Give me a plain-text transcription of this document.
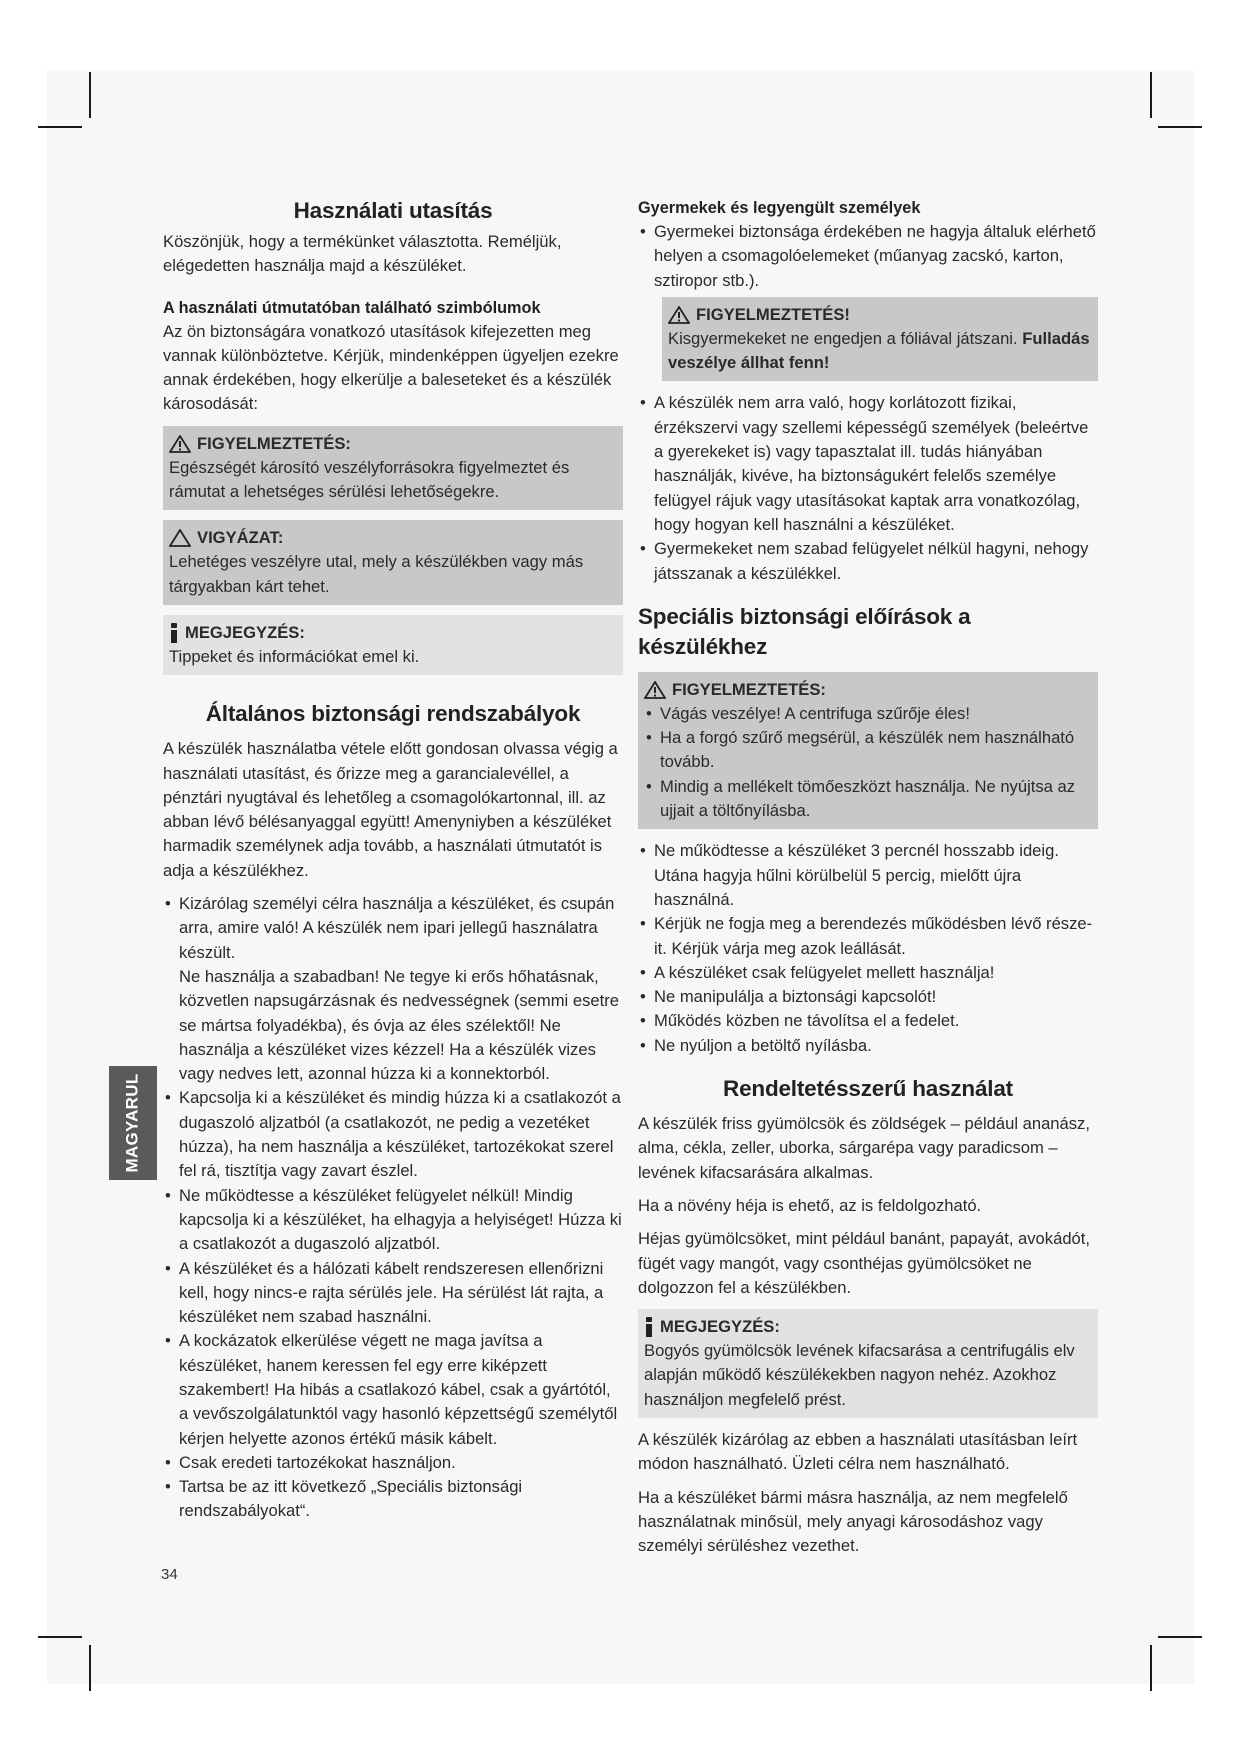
MAGYARUL
Használati utasítás

Köszönjük, hogy a termékünket választotta. Reméljük, elégedetten használja majd a készüléket.

A használati útmutatóban található szimbólumok

Az ön biztonságára vonatkozó utasítások kifejezetten meg vannak különböztetve. Kérjük, mindenképpen ügyeljen ezekre annak érdekében, hogy elkerülje a baleseteket és a készülék károsodását:

FIGYELMEZTETÉS:
Egészségét károsító veszélyforrásokra figyelmeztet és rámutat a lehetséges sérülési lehetőségekre.
VIGYÁZAT:
Lehetéges veszélyre utal, mely a készülékben vagy más tárgyakban kárt tehet.
MEGJEGYZÉS:
Tippeket és információkat emel ki.
Általános biztonsági rendszabályok

A készülék használatba vétele előtt gondosan olvassa végig a használati utasítást, és őrizze meg a garancialevéllel, a pénztári nyugtával és lehetőleg a csomagolókartonnal, ill. az abban lévő bélésanyaggal együtt! Amenyniyben a készüléket harmadik személynek adja tovább, a használati útmutatót is adja a készülékhez.

• Kizárólag személyi célra használja a készüléket, és csupán arra, amire való! A készülék nem ipari jellegű használatra készült.
Ne használja a szabadban! Ne tegye ki erős hőhatásnak, közvetlen napsugárzásnak és nedvességnek (semmi esetre se mártsa folyadékba), és óvja az éles szélektől! Ne használja a készüléket vizes kézzel! Ha a készülék vizes vagy nedves lett, azonnal húzza ki a konnektorból.
• Kapcsolja ki a készüléket és mindig húzza ki a csatlakozót a dugaszoló aljzatból (a csatlakozót, ne pedig a vezetéket húzza), ha nem használja a készüléket, tartozékokat szerel fel rá, tisztítja vagy zavart észlel.
• Ne működtesse a készüléket felügyelet nélkül! Mindig kapcsolja ki a készüléket, ha elhagyja a helyiséget! Húzza ki a csatlakozót a dugaszoló aljzatból.
• A készüléket és a hálózati kábelt rendszeresen ellenőrizni kell, hogy nincs-e rajta sérülés jele. Ha sérülést lát rajta, a készüléket nem szabad használni.
• A kockázatok elkerülése végett ne maga javítsa a készüléket, hanem keressen fel egy erre kiképzett szakembert! Ha hibás a csatlakozó kábel, csak a gyártótól, a vevőszolgálatunktól vagy hasonló képzettségű személytől kérjen helyette azonos értékű másik kábelt.
• Csak eredeti tartozékokat használjon.
• Tartsa be az itt következő „Speciális biztonsági rendszabályokat“.
Gyermekek és legyengült személyek
• Gyermekei biztonsága érdekében ne hagyja általuk elérhető helyen a csomagolóelemeket (műanyag zacskó, karton, sztiropor stb.).
FIGYELMEZTETÉS!
Kisgyermekeket ne engedjen a fóliával játszani. Fulladás veszélye állhat fenn!
• A készülék nem arra való, hogy korlátozott fizikai, érzékszervi vagy szellemi képességű személyek (beleértve a gyerekeket is) vagy tapasztalat ill. tudás hiányában használják, kivéve, ha biztonságukért felelős személye felügyel rájuk vagy utasításokat kaptak arra vonatkozólag, hogy hogyan kell használni a készüléket.
• Gyermekeket nem szabad felügyelet nélkül hagyni, nehogy játsszanak a készülékkel.
Speciális biztonsági előírások a készülékhez
FIGYELMEZTETÉS:
• Vágás veszélye! A centrifuga szűrője éles!
• Ha a forgó szűrő megsérül, a készülék nem használható tovább.
• Mindig a mellékelt tömőeszközt használja. Ne nyújtsa az ujjait a töltőnyílásba.
• Ne működtesse a készüléket 3 percnél hosszabb ideig. Utána hagyja hűlni körülbelül 5 percig, mielőtt újra használná.
• Kérjük ne fogja meg a berendezés működésben lévő része-it. Kérjük várja meg azok leállását.
• A készüléket csak felügyelet mellett használja!
• Ne manipulálja a biztonsági kapcsolót!
• Működés közben ne távolítsa el a fedelet.
• Ne nyúljon a betöltő nyílásba.
Rendeltetésszerű használat

A készülék friss gyümölcsök és zöldségek – például ananász, alma, cékla, zeller, uborka, sárgarépa vagy paradicsom – levének kifacsarására alkalmas.

Ha a növény héja is ehető, az is feldolgozható.

Héjas gyümölcsöket, mint például banánt, papayát, avokádót, fügét vagy mangót, vagy csonthéjas gyümölcsöket ne dolgozzon fel a készülékben.

MEGJEGYZÉS:
Bogyós gyümölcsök levének kifacsarása a centrifugális elv alapján működő készülékekben nagyon nehéz. Azokhoz használjon megfelelő prést.

A készülék kizárólag az ebben a használati utasításban leírt módon használható. Üzleti célra nem használható.

Ha a készüléket bármi másra használja, az nem megfelelő használatnak minősül, mely anyagi károsodáshoz vagy személyi sérüléshez vezethet.

34
